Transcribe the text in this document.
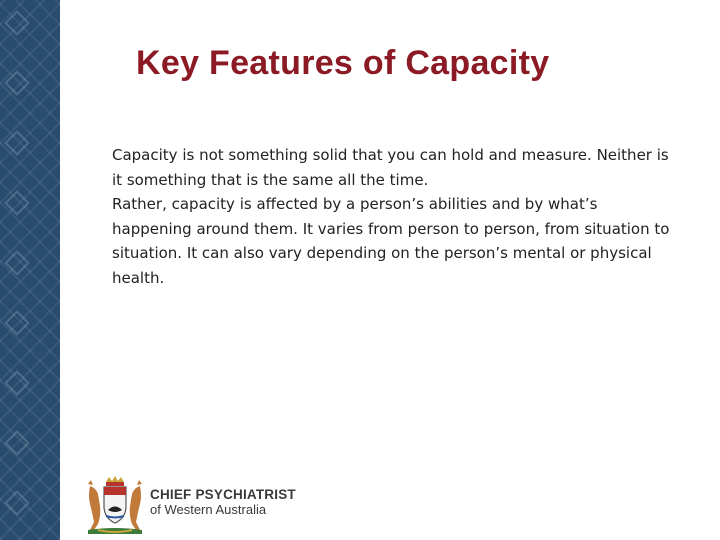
Key Features of Capacity

Capacity is not something solid that you can hold and measure. Neither is it something that is the same all the time.

Rather, capacity is affected by a person’s abilities and by what’s happening around them. It varies from person to person, from situation to situation. It can also vary depending on the person’s mental or physical health.

CHIEF PSYCHIATRIST
of Western Australia
